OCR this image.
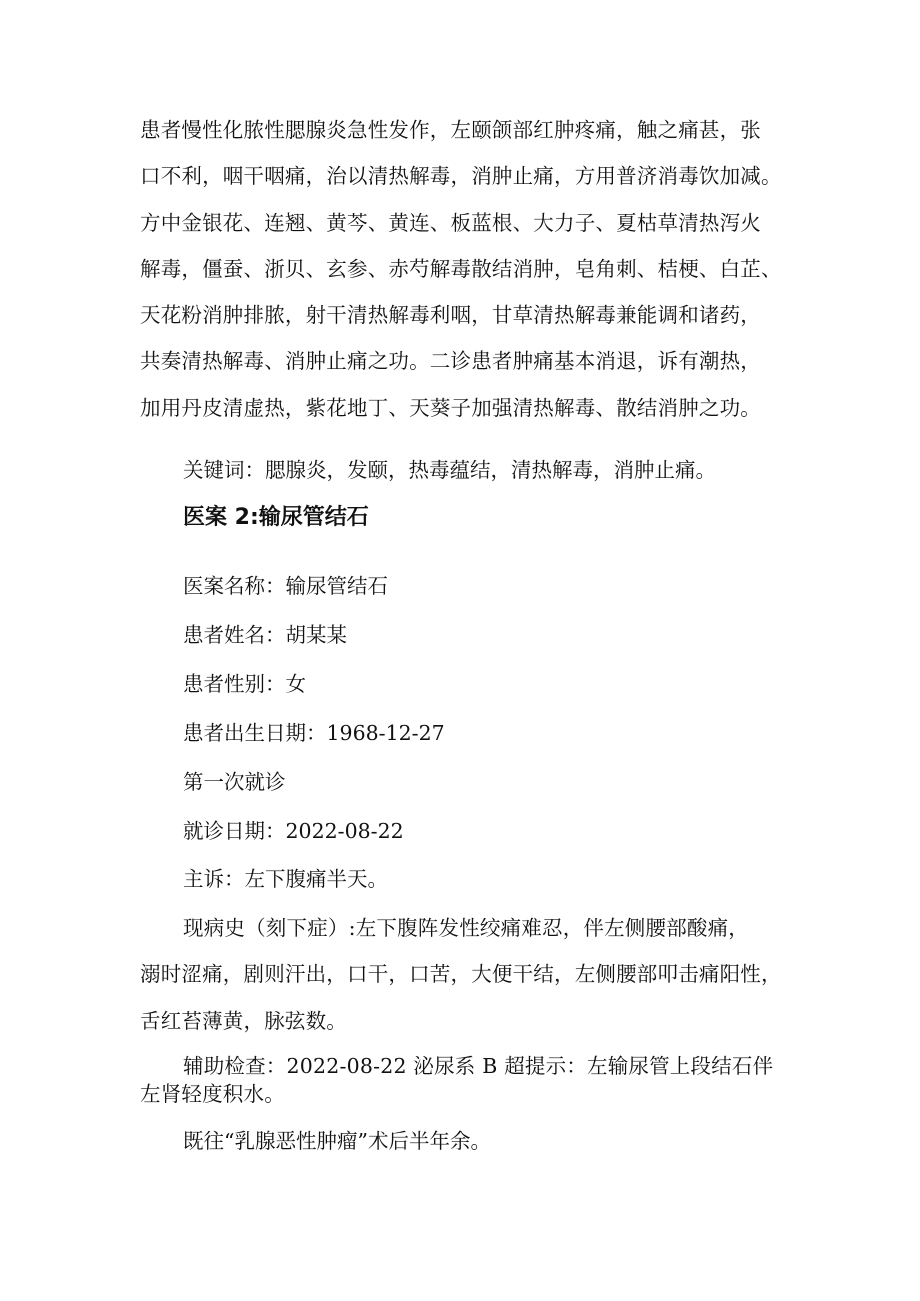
患者慢性化脓性腮腺炎急性发作，左颐颌部红肿疼痛，触之痛甚，张
口不利，咽干咽痛，治以清热解毒，消肿止痛，方用普济消毒饮加减。
方中金银花、连翘、黄芩、黄连、板蓝根、大力子、夏枯草清热泻火
解毒，僵蚕、浙贝、玄参、赤芍解毒散结消肿，皂角刺、桔梗、白芷、
天花粉消肿排脓，射干清热解毒利咽，甘草清热解毒兼能调和诸药，
共奏清热解毒、消肿止痛之功。二诊患者肿痛基本消退，诉有潮热，
加用丹皮清虚热，紫花地丁、天葵子加强清热解毒、散结消肿之功。

关键词：腮腺炎，发颐，热毒蕴结，清热解毒，消肿止痛。

医案 2:输尿管结石

医案名称：输尿管结石

患者姓名：胡某某

患者性别：女

患者出生日期：1968-12-27

第一次就诊

就诊日期：2022-08-22

主诉：左下腹痛半天。

现病史（刻下症）:左下腹阵发性绞痛难忍，伴左侧腰部酸痛，
溺时涩痛，剧则汗出，口干，口苦，大便干结，左侧腰部叩击痛阳性，
舌红苔薄黄，脉弦数。
辅助检查：2022-08-22 泌尿系 B 超提示：左输尿管上段结石伴
左肾轻度积水。

既往“乳腺恶性肿瘤”术后半年余。
